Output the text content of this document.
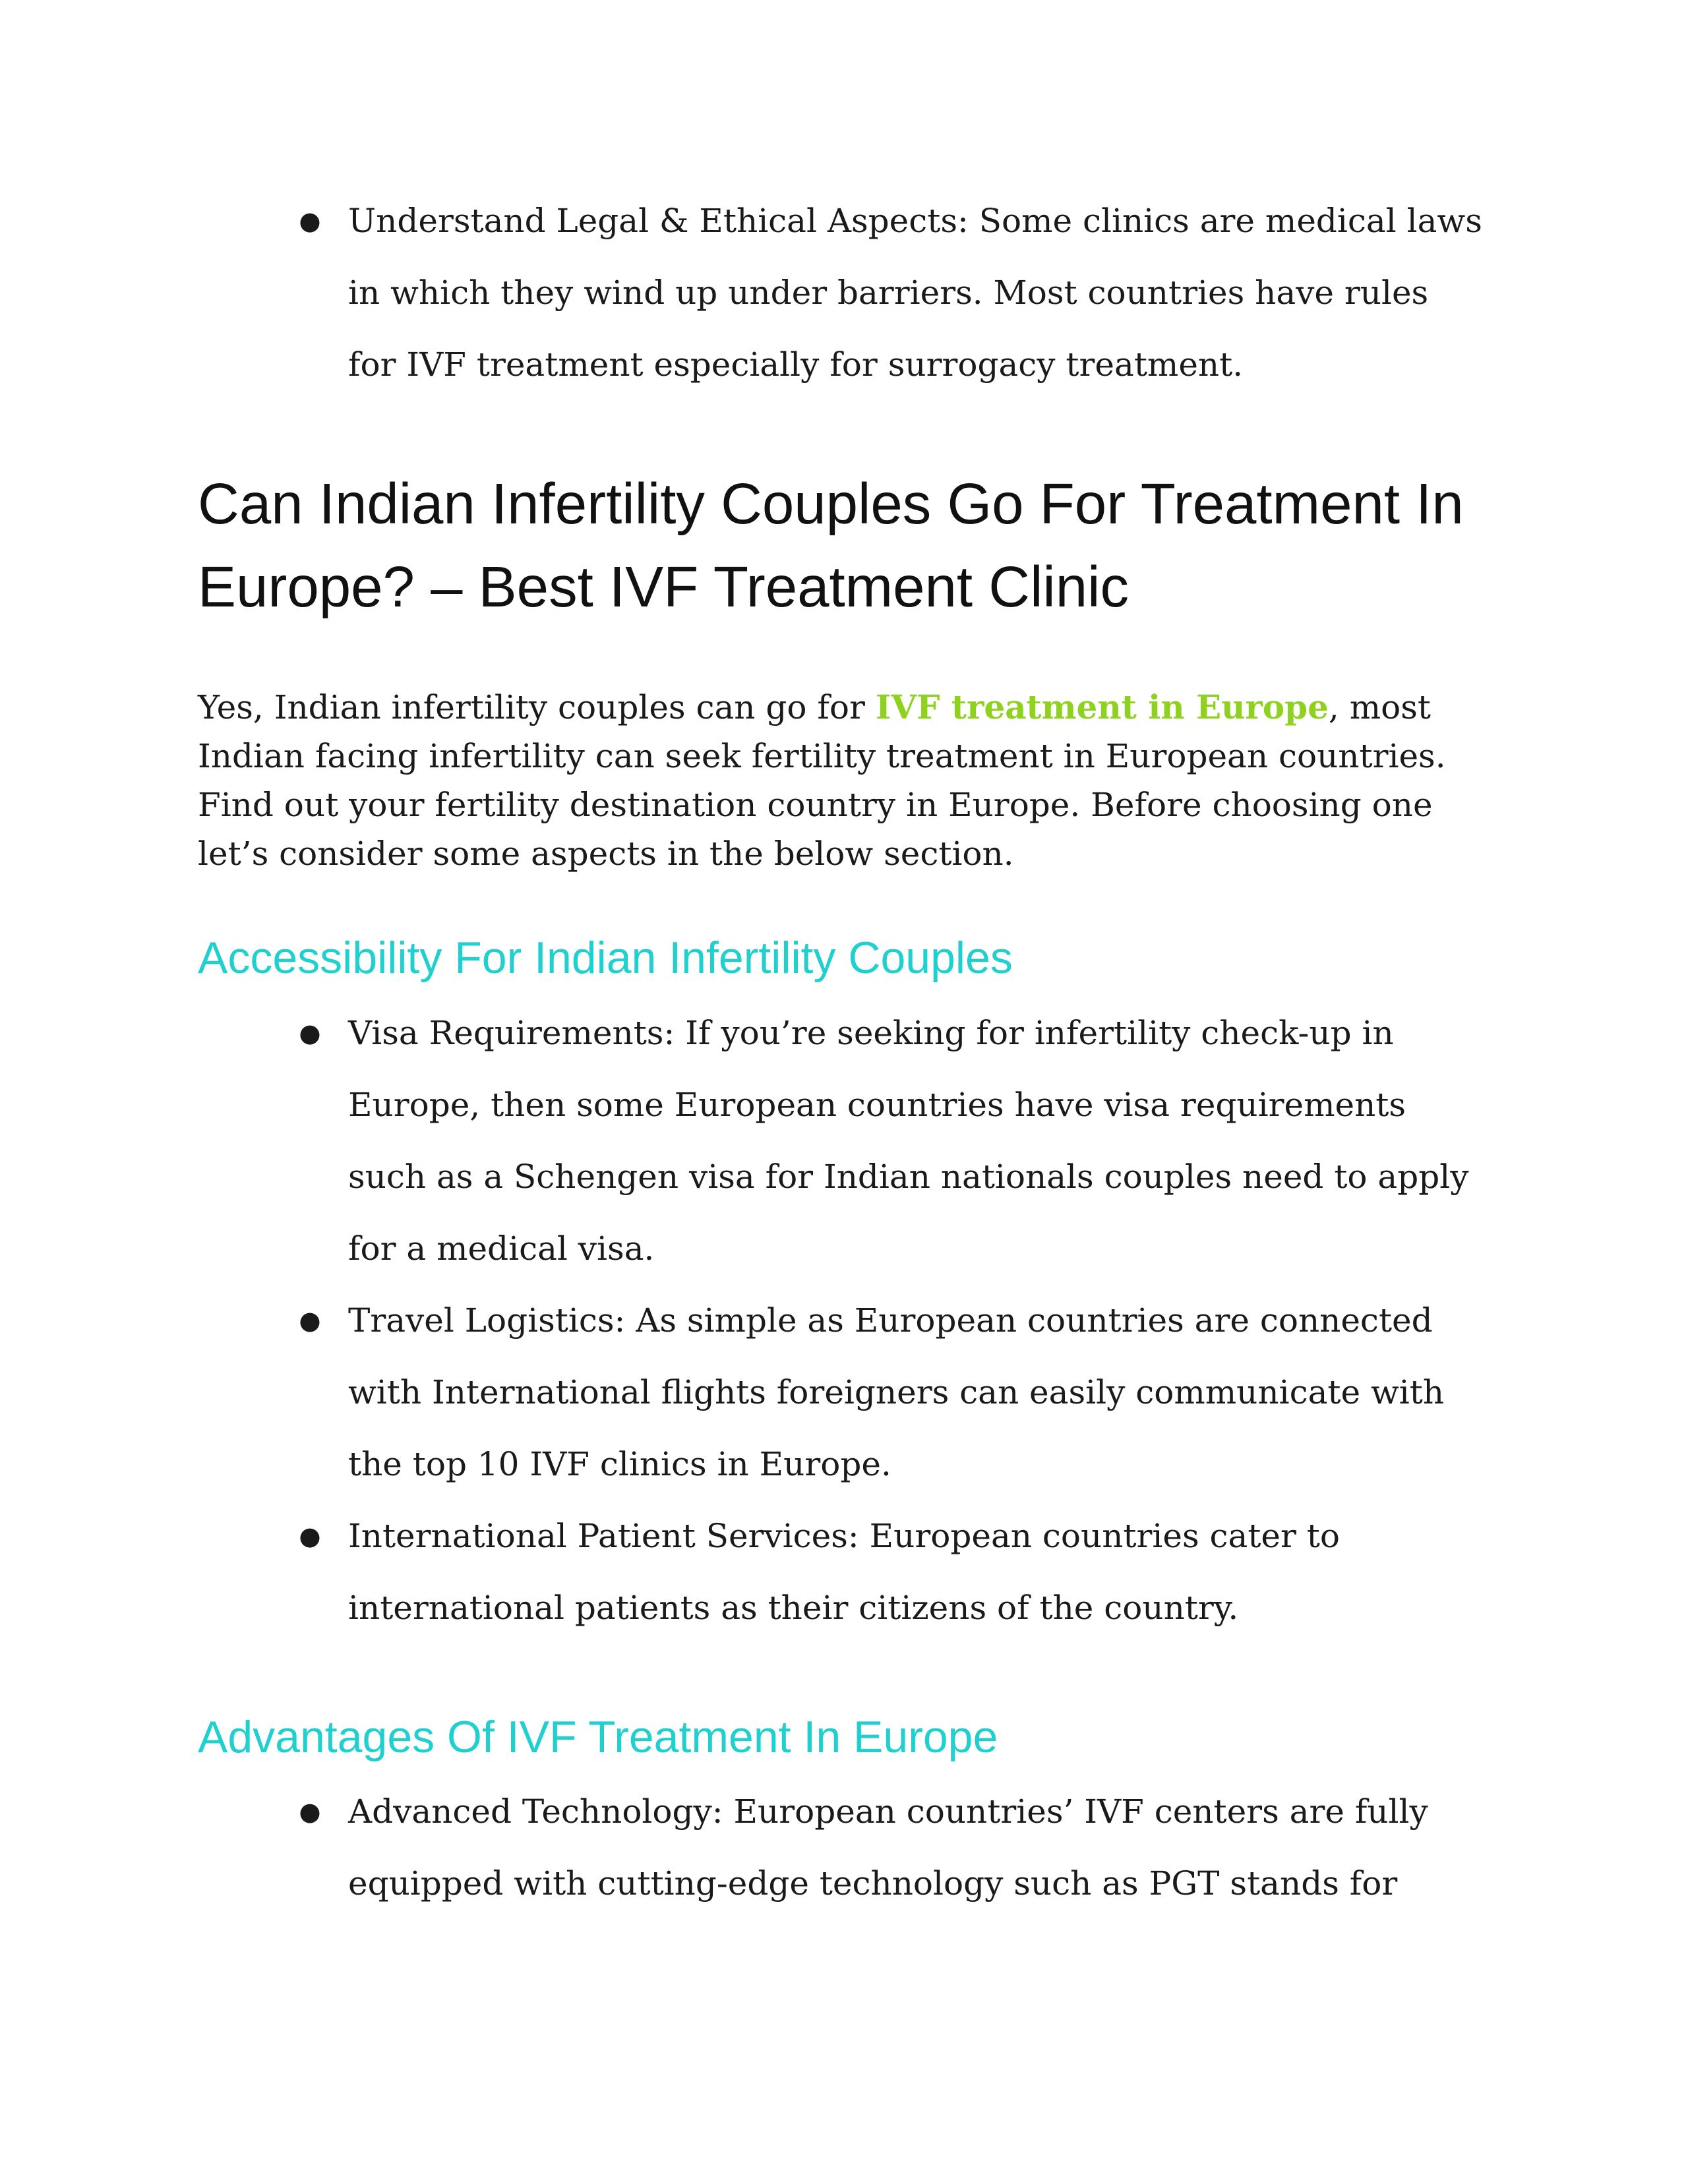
● Understand Legal & Ethical Aspects: Some clinics are medical laws in which they wind up under barriers. Most countries have rules for IVF treatment especially for surrogacy treatment.
Can Indian Infertility Couples Go For Treatment In Europe? – Best IVF Treatment Clinic

Yes, Indian infertility couples can go for IVF treatment in Europe, most Indian facing infertility can seek fertility treatment in European countries. Find out your fertility destination country in Europe. Before choosing one let’s consider some aspects in the below section.

Accessibility For Indian Infertility Couples
● Visa Requirements: If you’re seeking for infertility check-up in Europe, then some European countries have visa requirements such as a Schengen visa for Indian nationals couples need to apply for a medical visa.
● Travel Logistics: As simple as European countries are connected with International flights foreigners can easily communicate with the top 10 IVF clinics in Europe.
● International Patient Services: European countries cater to international patients as their citizens of the country.
Advantages Of IVF Treatment In Europe
● Advanced Technology: European countries’ IVF centers are fully equipped with cutting-edge technology such as PGT stands for
